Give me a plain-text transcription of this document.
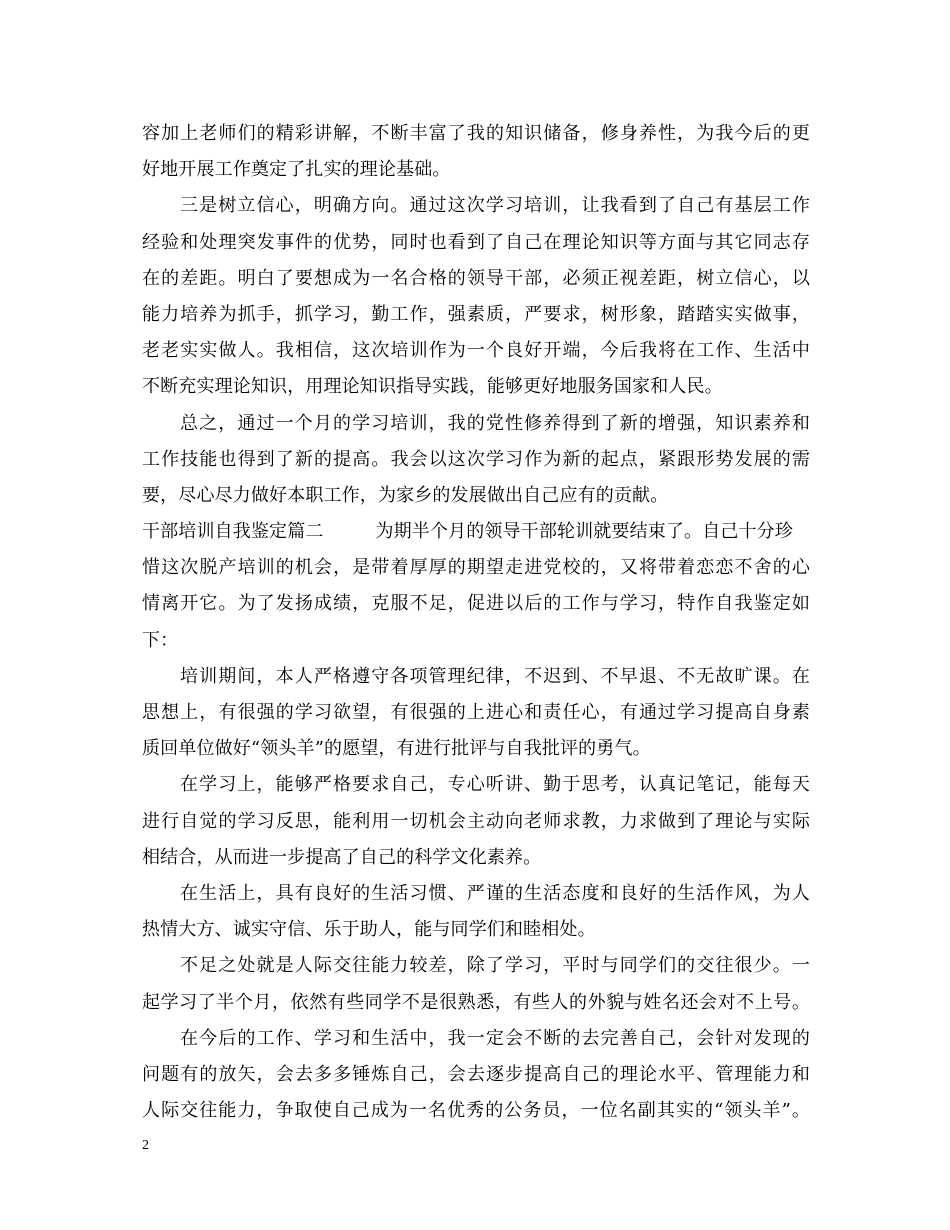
容加上老师们的精彩讲解，不断丰富了我的知识储备，修身养性，为我今后的更
好地开展工作奠定了扎实的理论基础。
三是树立信心，明确方向。通过这次学习培训，让我看到了自己有基层工作
经验和处理突发事件的优势，同时也看到了自己在理论知识等方面与其它同志存
在的差距。明白了要想成为一名合格的领导干部，必须正视差距，树立信心，以
能力培养为抓手，抓学习，勤工作，强素质，严要求，树形象，踏踏实实做事，
老老实实做人。我相信，这次培训作为一个良好开端，今后我将在工作、生活中
不断充实理论知识，用理论知识指导实践，能够更好地服务国家和人民。
总之，通过一个月的学习培训，我的党性修养得到了新的增强，知识素养和
工作技能也得到了新的提高。我会以这次学习作为新的起点，紧跟形势发展的需
要，尽心尽力做好本职工作，为家乡的发展做出自己应有的贡献。
干部培训自我鉴定篇二	为期半个月的领导干部轮训就要结束了。自己十分珍
惜这次脱产培训的机会，是带着厚厚的期望走进党校的，又将带着恋恋不舍的心
情离开它。为了发扬成绩，克服不足，促进以后的工作与学习，特作自我鉴定如
下：
培训期间，本人严格遵守各项管理纪律，不迟到、不早退、不无故旷课。在
思想上，有很强的学习欲望，有很强的上进心和责任心，有通过学习提高自身素
质回单位做好“领头羊”的愿望，有进行批评与自我批评的勇气。
在学习上，能够严格要求自己，专心听讲、勤于思考，认真记笔记，能每天
进行自觉的学习反思，能利用一切机会主动向老师求教，力求做到了理论与实际
相结合，从而进一步提高了自己的科学文化素养。
在生活上，具有良好的生活习惯、严谨的生活态度和良好的生活作风，为人
热情大方、诚实守信、乐于助人，能与同学们和睦相处。
不足之处就是人际交往能力较差，除了学习，平时与同学们的交往很少。一
起学习了半个月，依然有些同学不是很熟悉，有些人的外貌与姓名还会对不上号。
在今后的工作、学习和生活中，我一定会不断的去完善自己，会针对发现的
问题有的放矢，会去多多锤炼自己，会去逐步提高自己的理论水平、管理能力和
人际交往能力，争取使自己成为一名优秀的公务员，一位名副其实的“领头羊”。
2
